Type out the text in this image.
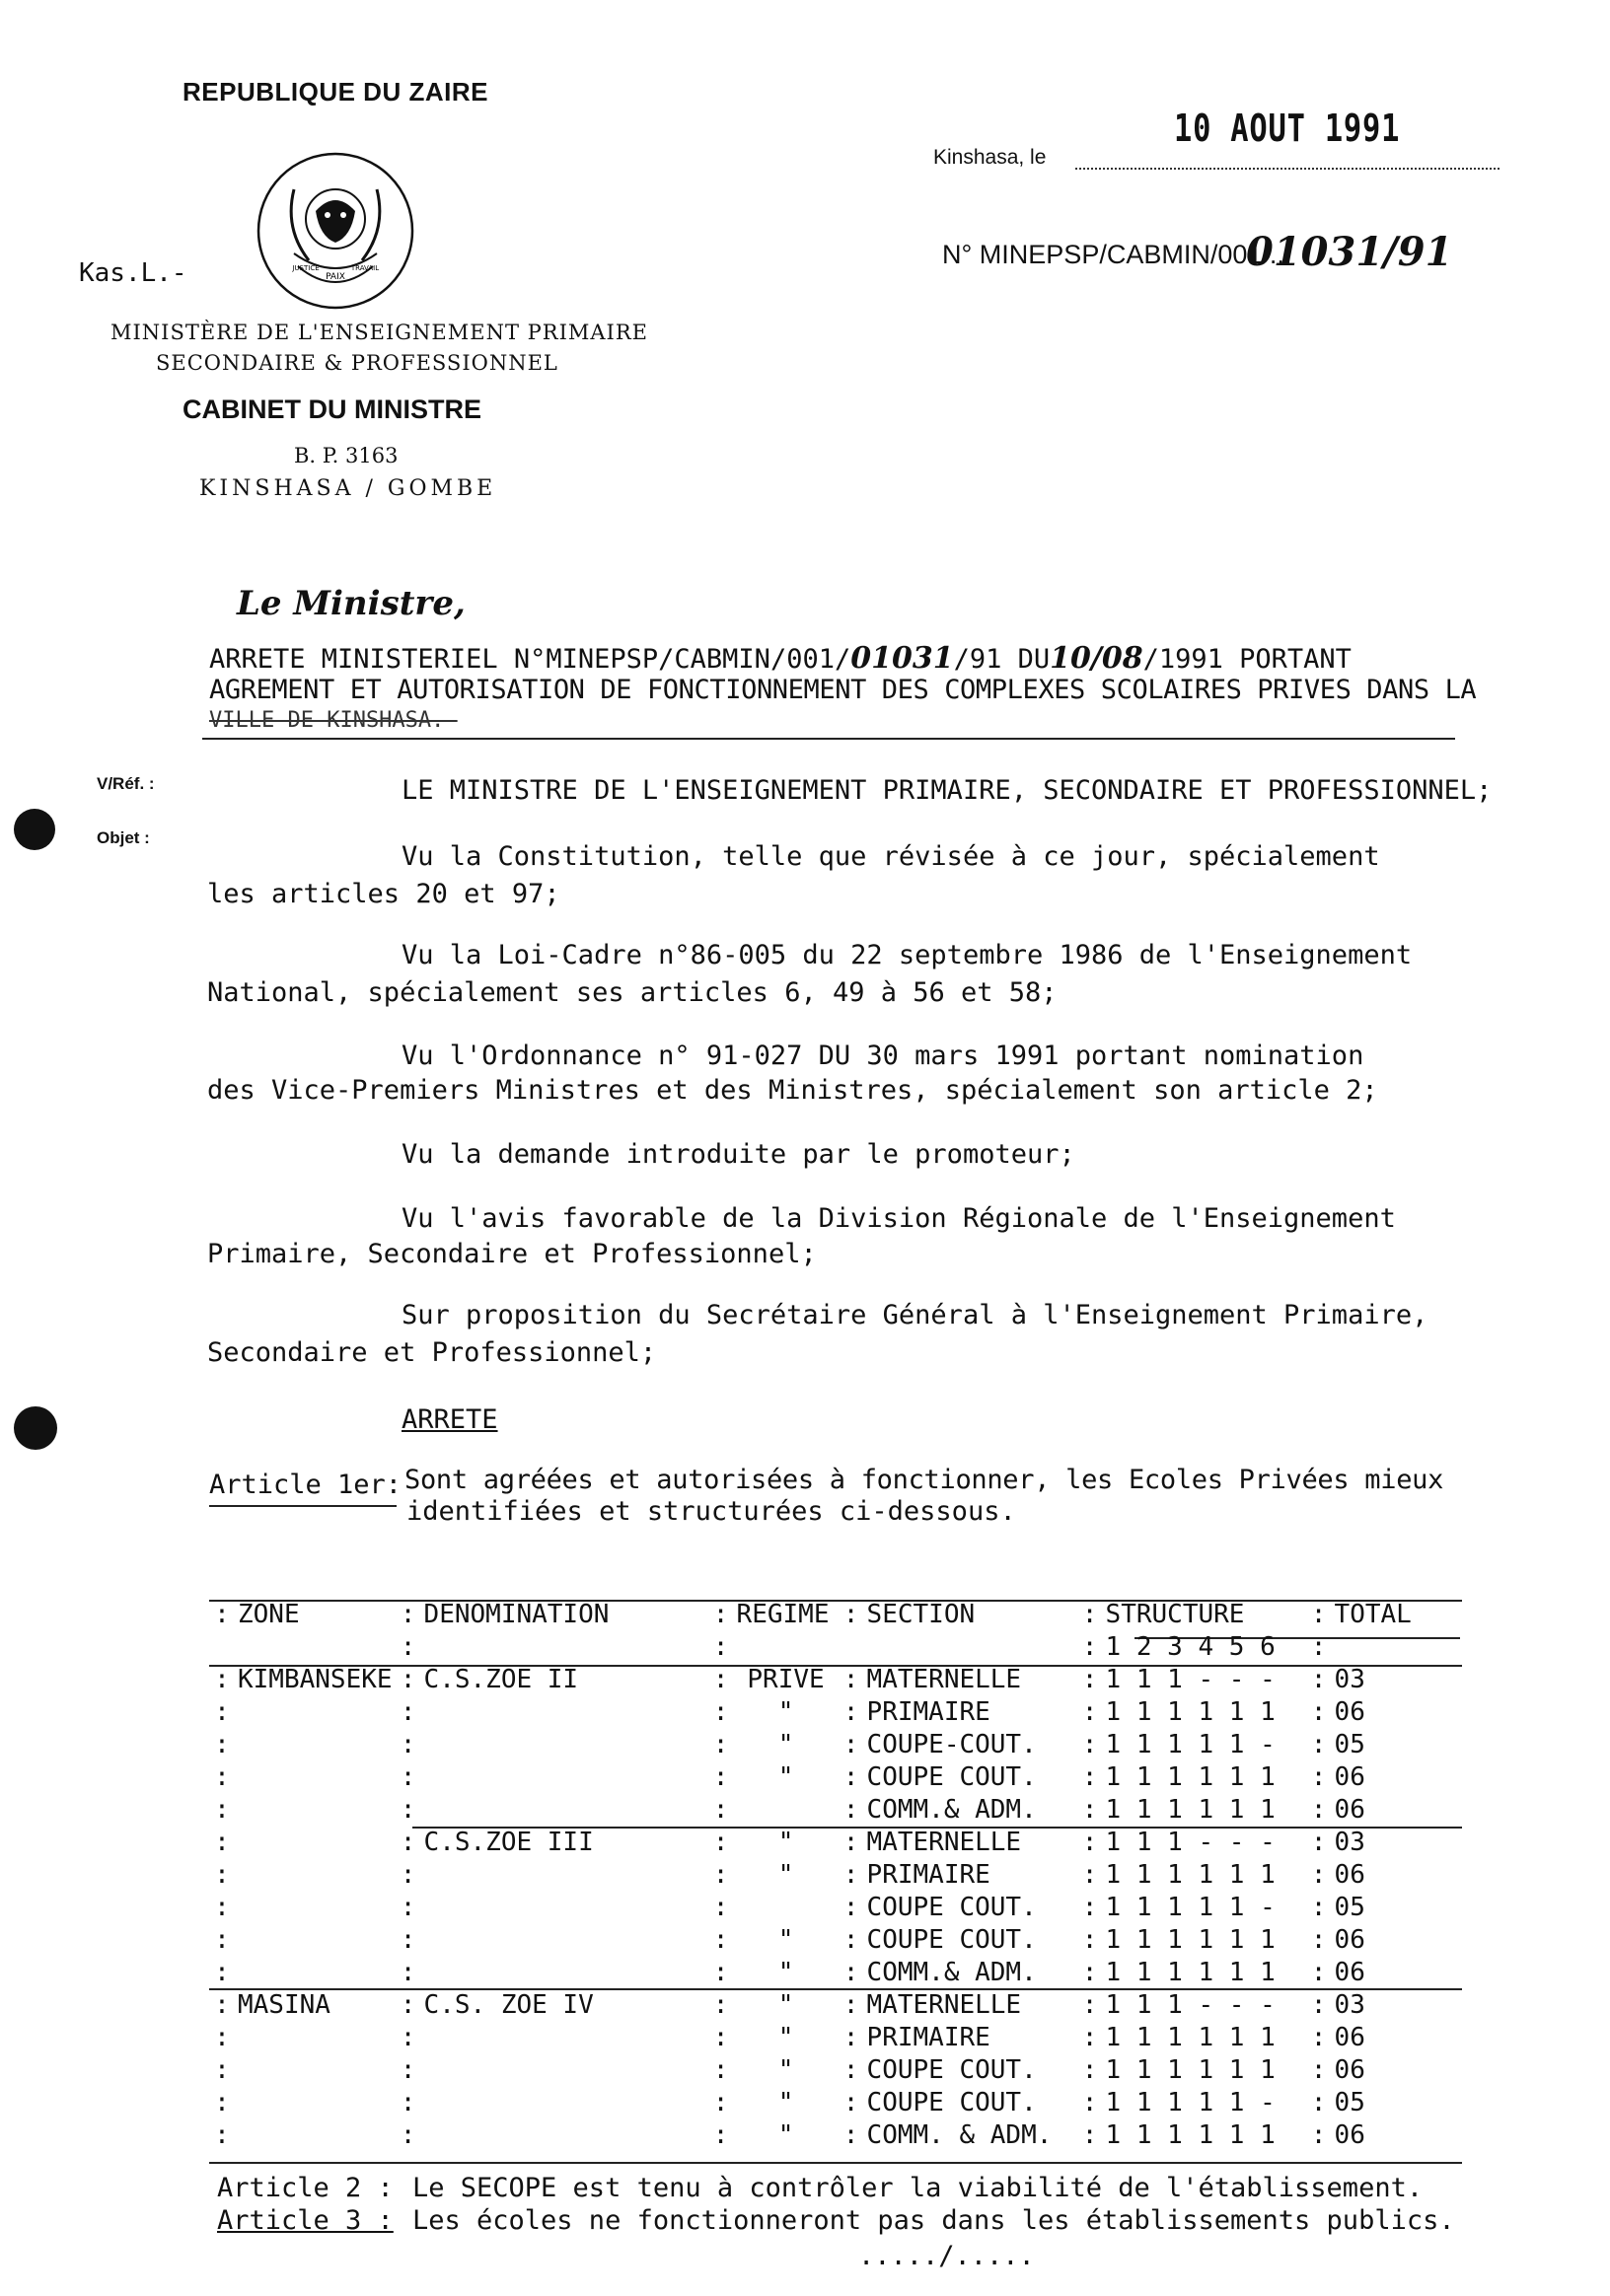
REPUBLIQUE DU ZAIRE
PAIX
JUSTICE	TRAVAIL
Kas.L.-
MINISTÈRE DE L'ENSEIGNEMENT PRIMAIRE
SECONDAIRE & PROFESSIONNEL
CABINET DU MINISTRE
B. P. 3163
KINSHASA / GOMBE
Kinshasa, le
10 AOUT 1991
N° MINEPSP/CABMIN/001/...
01031/91
Le Ministre,
ARRETE MINISTERIEL N°MINEPSP/CABMIN/001/01031/91 DU10/08/1991 PORTANT
AGREMENT ET AUTORISATION DE FONCTIONNEMENT DES COMPLEXES SCOLAIRES PRIVES DANS LA
VILLE DE KINSHASA.-
V/Réf. :
Objet :
LE MINISTRE DE L'ENSEIGNEMENT PRIMAIRE, SECONDAIRE ET PROFESSIONNEL;
Vu la Constitution, telle que révisée à ce jour, spécialement
les articles 20 et 97;
Vu la Loi-Cadre n°86-005 du 22 septembre 1986 de l'Enseignement
National, spécialement ses articles 6, 49 à 56 et 58;
Vu l'Ordonnance n° 91-027 DU 30 mars 1991 portant nomination
des Vice-Premiers Ministres et des Ministres, spécialement son article 2;
Vu la demande introduite par le promoteur;
Vu l'avis favorable de la Division Régionale de l'Enseignement
Primaire, Secondaire et Professionnel;
Sur proposition du Secrétaire Général à l'Enseignement Primaire,
Secondaire et Professionnel;
ARRETE
Article 1er: Sont agréées et autorisées à fonctionner, les Ecoles Privées mieux
identifiées et structurées ci-dessous.
:	ZONE	:	DENOMINATION	:	REGIME	:	SECTION	:	STRUCTURE	:	TOTAL
		:		:				:	1 2 3 4 5 6	:	
:	KIMBANSEKE	:	C.S.ZOE II	:	PRIVE	:	MATERNELLE	:	1 1 1 - - -	:	03
:		:		:	"	:	PRIMAIRE	:	1 1 1 1 1 1	:	06
:		:		:	"	:	COUPE-COUT.	:	1 1 1 1 1 -	:	05
:		:		:	"	:	COUPE COUT.	:	1 1 1 1 1 1	:	06
:		:		:		:	COMM.& ADM.	:	1 1 1 1 1 1	:	06
:		:	C.S.ZOE III	:	"	:	MATERNELLE	:	1 1 1 - - -	:	03
:		:		:	"	:	PRIMAIRE	:	1 1 1 1 1 1	:	06
:		:		:		:	COUPE COUT.	:	1 1 1 1 1 -	:	05
:		:		:	"	:	COUPE COUT.	:	1 1 1 1 1 1	:	06
:		:		:	"	:	COMM.& ADM.	:	1 1 1 1 1 1	:	06
:	MASINA	:	C.S. ZOE IV	:	"	:	MATERNELLE	:	1 1 1 - - -	:	03
:		:		:	"	:	PRIMAIRE	:	1 1 1 1 1 1	:	06
:		:		:	"	:	COUPE COUT.	:	1 1 1 1 1 1	:	06
:		:		:	"	:	COUPE COUT.	:	1 1 1 1 1 -	:	05
:		:		:	"	:	COMM. & ADM.	:	1 1 1 1 1 1	:	06
Article 2 : Le SECOPE est tenu à contrôler la viabilité de l'établissement.
Article 3 : Les écoles ne fonctionneront pas dans les établissements publics.
...../.....
